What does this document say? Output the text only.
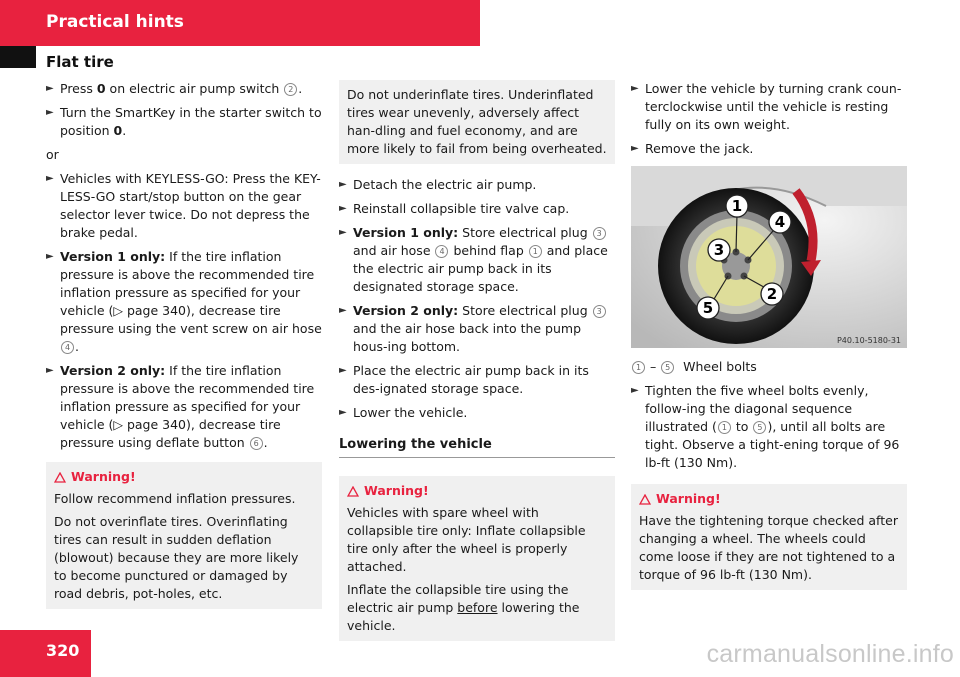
Practical hints
Flat tire
► Press 0 on electric air pump switch 2 .
► Turn the SmartKey in the starter switch to position 0.
or
► Vehicles with KEYLESS-GO: Press the KEY-LESS-GO start/stop button on the gear selector lever twice. Do not depress the brake pedal.
► Version 1 only: If the tire inflation pressure is above the recommended tire inflation pressure as specified for your vehicle (▷ page 340), decrease tire pressure using the vent screw on air hose 4 .
► Version 2 only: If the tire inflation pressure is above the recommended tire inflation pressure as specified for your vehicle (▷ page 340), decrease tire pressure using deflate button 6 .
Warning!

Follow recommend inflation pressures.

Do not overinflate tires. Overinflating tires can result in sudden deflation (blowout) because they are more likely to become punctured or damaged by road debris, pot-holes, etc.

Do not underinflate tires. Underinflated tires wear unevenly, adversely affect han-dling and fuel economy, and are more likely to fail from being overheated.

► Detach the electric air pump.
► Reinstall collapsible tire valve cap.
► Version 1 only: Store electrical plug 3 and air hose 4 behind flap 1 and place the electric air pump back in its designated storage space.
► Version 2 only: Store electrical plug 3 and the air hose back into the pump hous-ing bottom.
► Place the electric air pump back in its des-ignated storage space.
► Lower the vehicle.
Lowering the vehicle
Warning!

Vehicles with spare wheel with collapsible tire only: Inflate collapsible tire only after the wheel is properly attached.

Inflate the collapsible tire using the electric air pump before lowering the vehicle.

► Lower the vehicle by turning crank coun-terclockwise until the vehicle is resting fully on its own weight.
► Remove the jack.
1
2
3
4
5
P40.10-5180-31
1 – 5  Wheel bolts
► Tighten the five wheel bolts evenly, follow-ing the diagonal sequence illustrated ( 1 to 5 ), until all bolts are tight. Observe a tight-ening torque of 96 lb-ft (130 Nm).
Warning!

Have the tightening torque checked after changing a wheel. The wheels could come loose if they are not tightened to a torque of 96 lb-ft (130 Nm).

320	carmanualsonline.info
